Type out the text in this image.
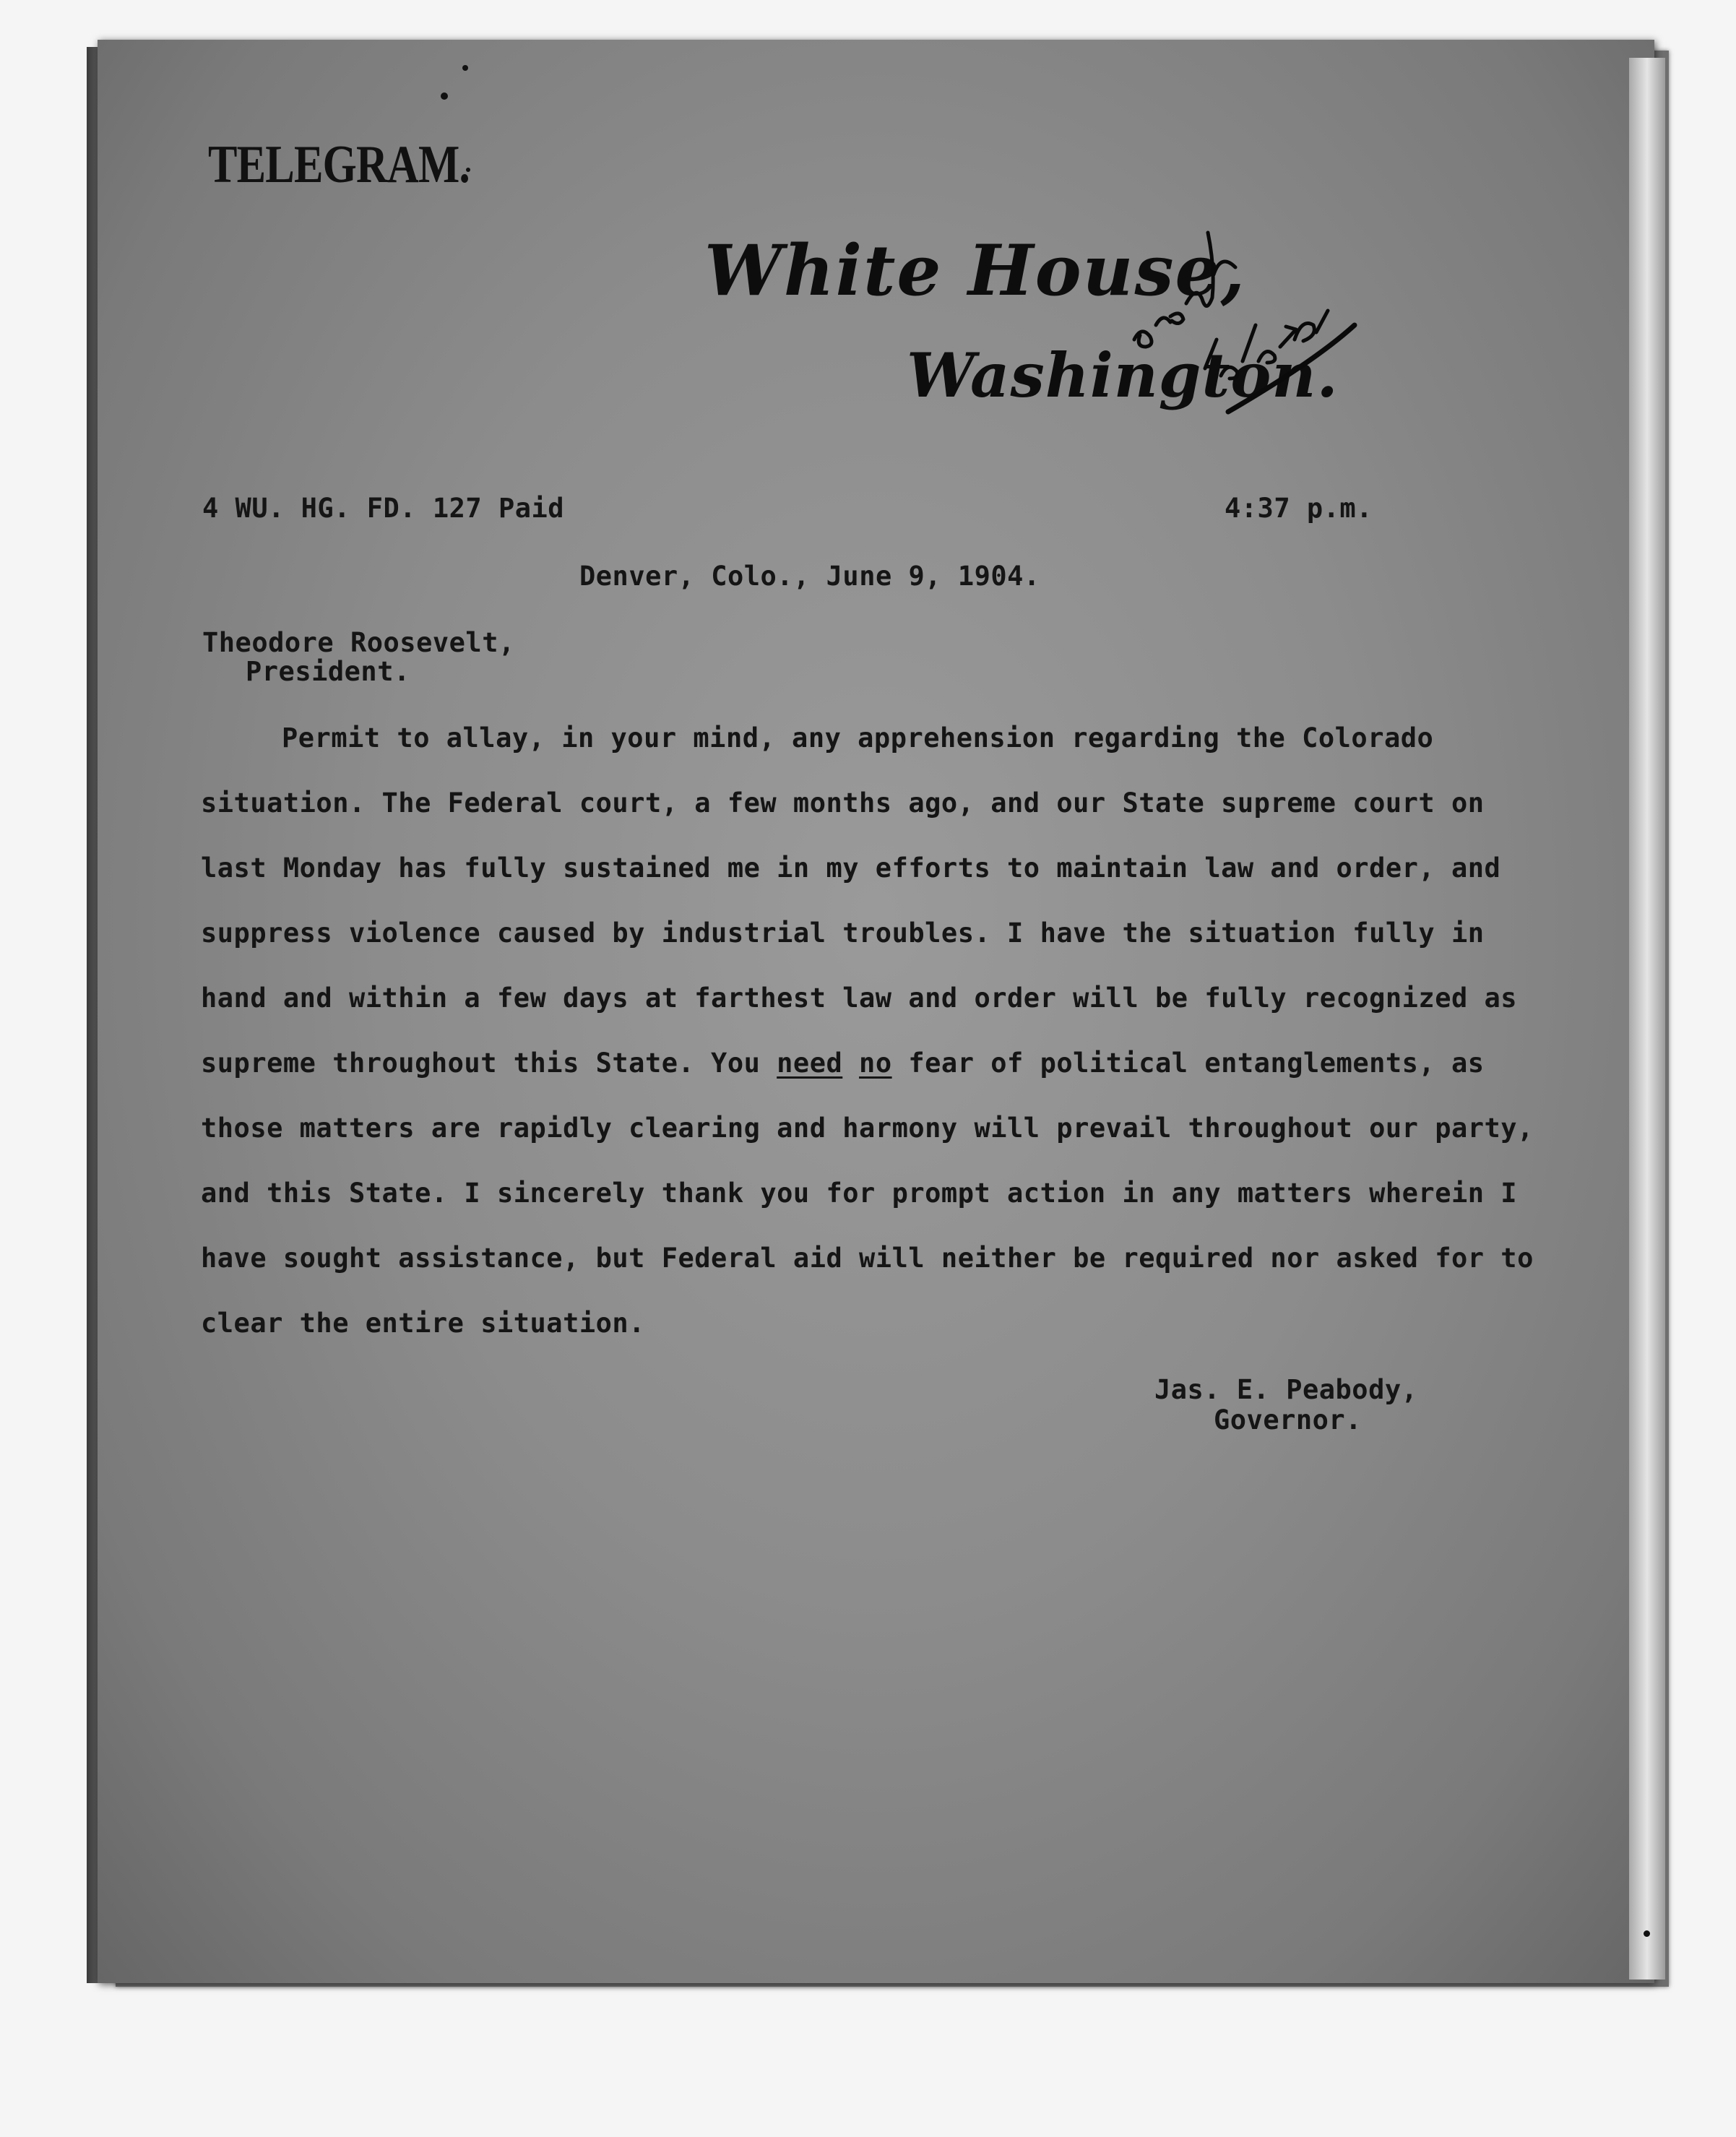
TELEGRAM.
White House,
Washington.
4 WU. HG. FD. 127 Paid	4:37 p.m.
Denver, Colo., June 9, 1904.
Theodore Roosevelt,
President.
Permit to allay, in your mind, any apprehension regarding the Colorado
situation. The Federal court, a few months ago, and our State supreme court on
last Monday has fully sustained me in my efforts to maintain law and order, and
suppress violence caused by industrial troubles. I have the situation fully in
hand and within a few days at farthest law and order will be fully recognized as
supreme throughout this State. You need no fear of political entanglements, as
those matters are rapidly clearing and harmony will prevail throughout our party,
and this State. I sincerely thank you for prompt action in any matters wherein I
have sought assistance, but Federal aid will neither be required nor asked for to
clear the entire situation.
Jas. E. Peabody,
Governor.
